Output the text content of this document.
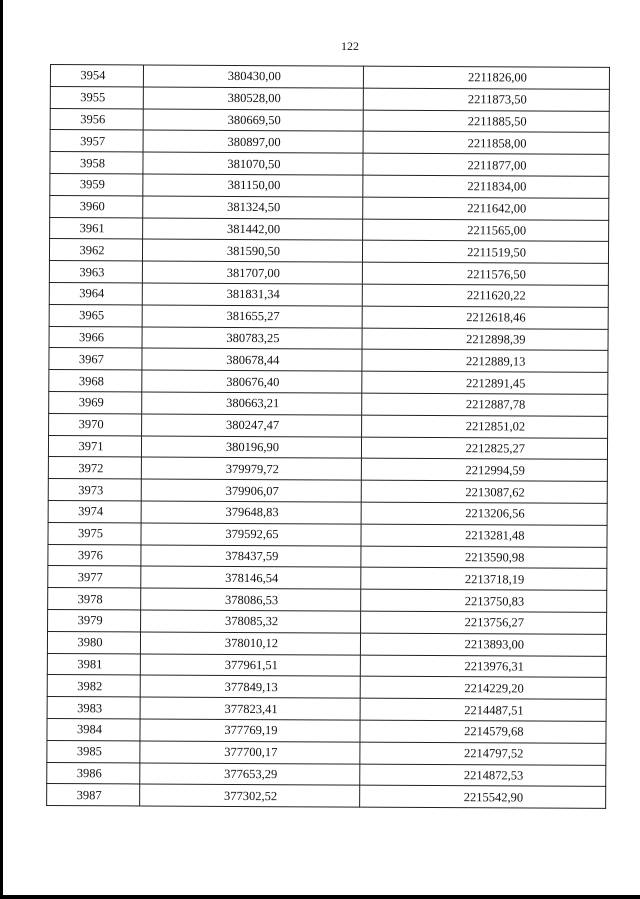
122
3954	380430,00	2211826,00
3955	380528,00	2211873,50
3956	380669,50	2211885,50
3957	380897,00	2211858,00
3958	381070,50	2211877,00
3959	381150,00	2211834,00
3960	381324,50	2211642,00
3961	381442,00	2211565,00
3962	381590,50	2211519,50
3963	381707,00	2211576,50
3964	381831,34	2211620,22
3965	381655,27	2212618,46
3966	380783,25	2212898,39
3967	380678,44	2212889,13
3968	380676,40	2212891,45
3969	380663,21	2212887,78
3970	380247,47	2212851,02
3971	380196,90	2212825,27
3972	379979,72	2212994,59
3973	379906,07	2213087,62
3974	379648,83	2213206,56
3975	379592,65	2213281,48
3976	378437,59	2213590,98
3977	378146,54	2213718,19
3978	378086,53	2213750,83
3979	378085,32	2213756,27
3980	378010,12	2213893,00
3981	377961,51	2213976,31
3982	377849,13	2214229,20
3983	377823,41	2214487,51
3984	377769,19	2214579,68
3985	377700,17	2214797,52
3986	377653,29	2214872,53
3987	377302,52	2215542,90
